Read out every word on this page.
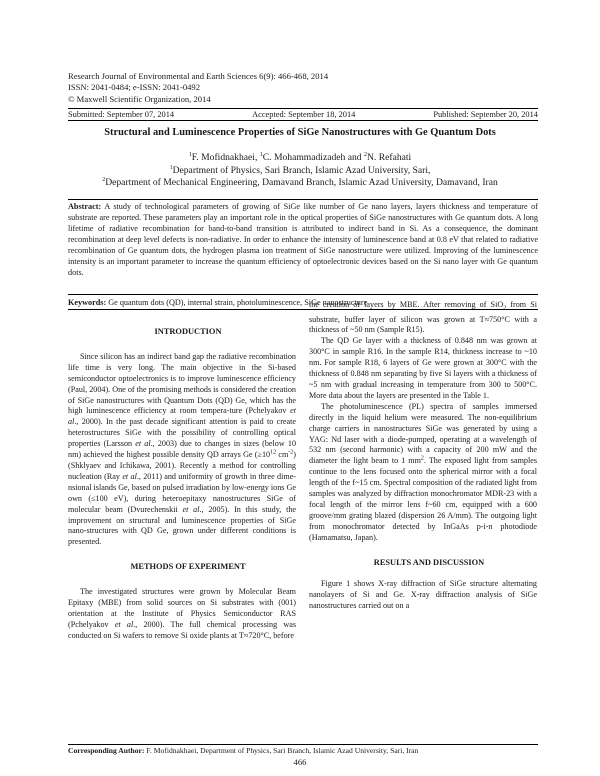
Research Journal of Environmental and Earth Sciences 6(9): 466-468, 2014
ISSN: 2041-0484; e-ISSN: 2041-0492
© Maxwell Scientific Organization, 2014
Submitted: September 07, 2014	Accepted: September 18, 2014	Published: September 20, 2014
Structural and Luminescence Properties of SiGe Nanostructures with Ge Quantum Dots
$^1$F. Mofidnakhaei, $^1$C. Mohammadizadeh and $^2$N. Refahati
$^1$Department of Physics, Sari Branch, Islamic Azad University, Sari,
$^2$Department of Mechanical Engineering, Damavand Branch, Islamic Azad University, Damavand, Iran
Abstract: A study of technological parameters of growing of SiGe like number of Ge nano layers, layers thickness and temperature of substrate are reported. These parameters play an important role in the optical properties of SiGe nanostructures with Ge quantum dots. A long lifetime of radiative recombination for band-to-band transition is attributed to indirect band in Si. As a consequence, the dominant recombination at deep level defects is non-radiative. In order to enhance the intensity of luminescence band at 0.8 eV that related to radiative recombination of Ge quantum dots, the hydrogen plasma ion treatment of SiGe nanostructure were utilized. Improving of the luminescence intensity is an important parameter to increase the quantum efficiency of optoelectronic devices based on the Si nano layer with Ge quantum dots.
Keywords: Ge quantum dots (QD), internal strain, photoluminescence, SiGe nanostructure

INTRODUCTION

Since silicon has an indirect band gap the radiative recombination life time is very long. The main objective in the Si-based semiconductor optoelectronics is to improve luminescence efficiency (Paul, 2004). One of the promising methods is considered the creation of SiGe nanostructures with Quantum Dots (QD) Ge, which has the high luminescence efficiency at room tempera-ture (Pchelyakov et al., 2000). In the past decade significant attention is paid to create heterostructures SiGe with the possibility of controlling optical properties (Larsson et al., 2003) due to changes in sizes (below 10 nm) achieved the highest possible density QD arrays Ge ($\ge 10^{12}$ $cm^{-2}$) (Shklyaev and Ichikawa, 2001). Recently a method for controlling nucleation (Ray et al., 2011) and uniformity of growth in three dime-nsional islands Ge, based on pulsed irradiation by low-energy ions Ge own (≤100 eV), during heteroepitaxy nanostructures SiGe of molecular beam (Dvurechenskii et al., 2005). In this study, the improvement on structural and luminescence properties of SiGe nano-structures with QD Ge, grown under different conditions is presented.

METHODS OF EXPERIMENT

The investigated structures were grown by Molecular Beam Epitaxy (MBE) from solid sources on Si substrates with (001) orientation at the Institute of Physics Semiconductor RAS (Pchelyakov et al., 2000). The full chemical processing was conducted on Si wafers to remove Si oxide plants at T≈720°C, before

the creation of layers by MBE. After removing of SiO$_2$ from Si substrate, buffer layer of silicon was grown at T≈750°C with a thickness of ~50 nm (Sample R15).

The QD Ge layer with a thickness of 0.848 nm was grown at 300°C in sample R16. In the sample R14, thickness increase to ~10 nm. For sample R18, 6 layers of Ge were grown at 300°C with the thickness of 0.848 nm separating by five Si layers with a thickness of ~5 nm with gradual increasing in temperature from 300 to 500°C. More data about the layers are presented in the Table 1.

The photoluminescence (PL) spectra of samples immersed directly in the liquid helium were measured. The non-equilibrium charge carriers in nanostructures SiGe was generated by using a YAG: Nd laser with a diode-pumped, operating at a wavelength of 532 nm (second harmonic) with a capacity of 200 mW and the diameter the light beam to 1 $mm^2$. The exposed light from samples continue to the lens focused onto the spherical mirror with a focal length of the f~15 cm. Spectral composition of the radiated light from samples was analyzed by diffraction monochromator MDR-23 with a focal length of the mirror lens f~60 cm, equipped with a 600 groove/mm grating blazed (dispersion 26 A/mm). The outgoing light from monochromator detected by InGaAs p-i-n photodiode (Hamamatsu, Japan).

RESULTS AND DISCUSSION

Figure 1 shows X-ray diffraction of SiGe structure alternating nanolayers of Si and Ge. X-ray diffraction analysis of SiGe nanostructures carried out on a

Corresponding Author: F. Mofidnakhaei, Department of Physics, Sari Branch, Islamic Azad University, Sari, Iran
466
